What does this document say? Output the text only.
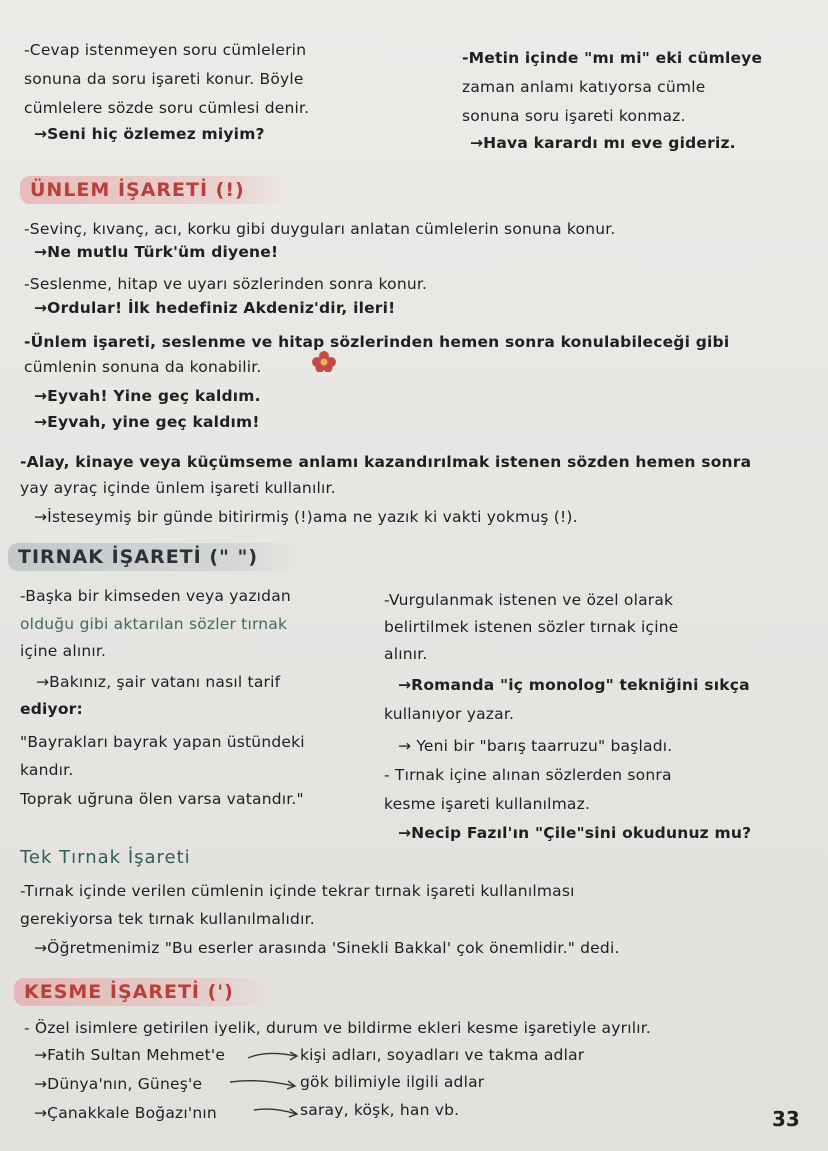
-Cevap istenmeyen soru cümlelerin
sonuna da soru işareti konur. Böyle
cümlelere sözde soru cümlesi denir.
→Seni hiç özlemez miyim?
-Metin içinde "mı mi" eki cümleye
zaman anlamı katıyorsa cümle
sonuna soru işareti konmaz.
→Hava karardı mı eve gideriz.
ÜNLEM İŞARETİ (!)
-Sevinç, kıvanç, acı, korku gibi duyguları anlatan cümlelerin sonuna konur.
→Ne mutlu Türk'üm diyene!
-Seslenme, hitap ve uyarı sözlerinden sonra konur.
→Ordular! İlk hedefiniz Akdeniz'dir, ileri!
-Ünlem işareti, seslenme ve hitap sözlerinden hemen sonra konulabileceği gibi
cümlenin sonuna da konabilir.
→Eyvah! Yine geç kaldım.
→Eyvah, yine geç kaldım!
-Alay, kinaye veya küçümseme anlamı kazandırılmak istenen sözden hemen sonra
yay ayraç içinde ünlem işareti kullanılır.
→İsteseymiş bir günde bitirirmiş (!)ama ne yazık ki vakti yokmuş (!).
TIRNAK İŞARETİ (" ")
-Başka bir kimseden veya yazıdan
olduğu gibi aktarılan sözler tırnak
içine alınır.
→Bakınız, şair vatanı nasıl tarif
ediyor:
"Bayrakları bayrak yapan üstündeki
kandır.
Toprak uğruna ölen varsa vatandır."
-Vurgulanmak istenen ve özel olarak
belirtilmek istenen sözler tırnak içine
alınır.
→Romanda "iç monolog" tekniğini sıkça
kullanıyor yazar.
→ Yeni bir "barış taarruzu" başladı.
- Tırnak içine alınan sözlerden sonra
kesme işareti kullanılmaz.
→Necip Fazıl'ın "Çile"sini okudunuz mu?
Tek Tırnak İşareti
-Tırnak içinde verilen cümlenin içinde tekrar tırnak işareti kullanılması
gerekiyorsa tek tırnak kullanılmalıdır.
→Öğretmenimiz "Bu eserler arasında 'Sinekli Bakkal' çok önemlidir." dedi.
KESME İŞARETİ (')
- Özel isimlere getirilen iyelik, durum ve bildirme ekleri kesme işaretiyle ayrılır.
→Fatih Sultan Mehmet'e	kişi adları, soyadları ve takma adlar
→Dünya'nın, Güneş'e	gök bilimiyle ilgili adlar
→Çanakkale Boğazı'nın	saray, köşk, han vb.	33
